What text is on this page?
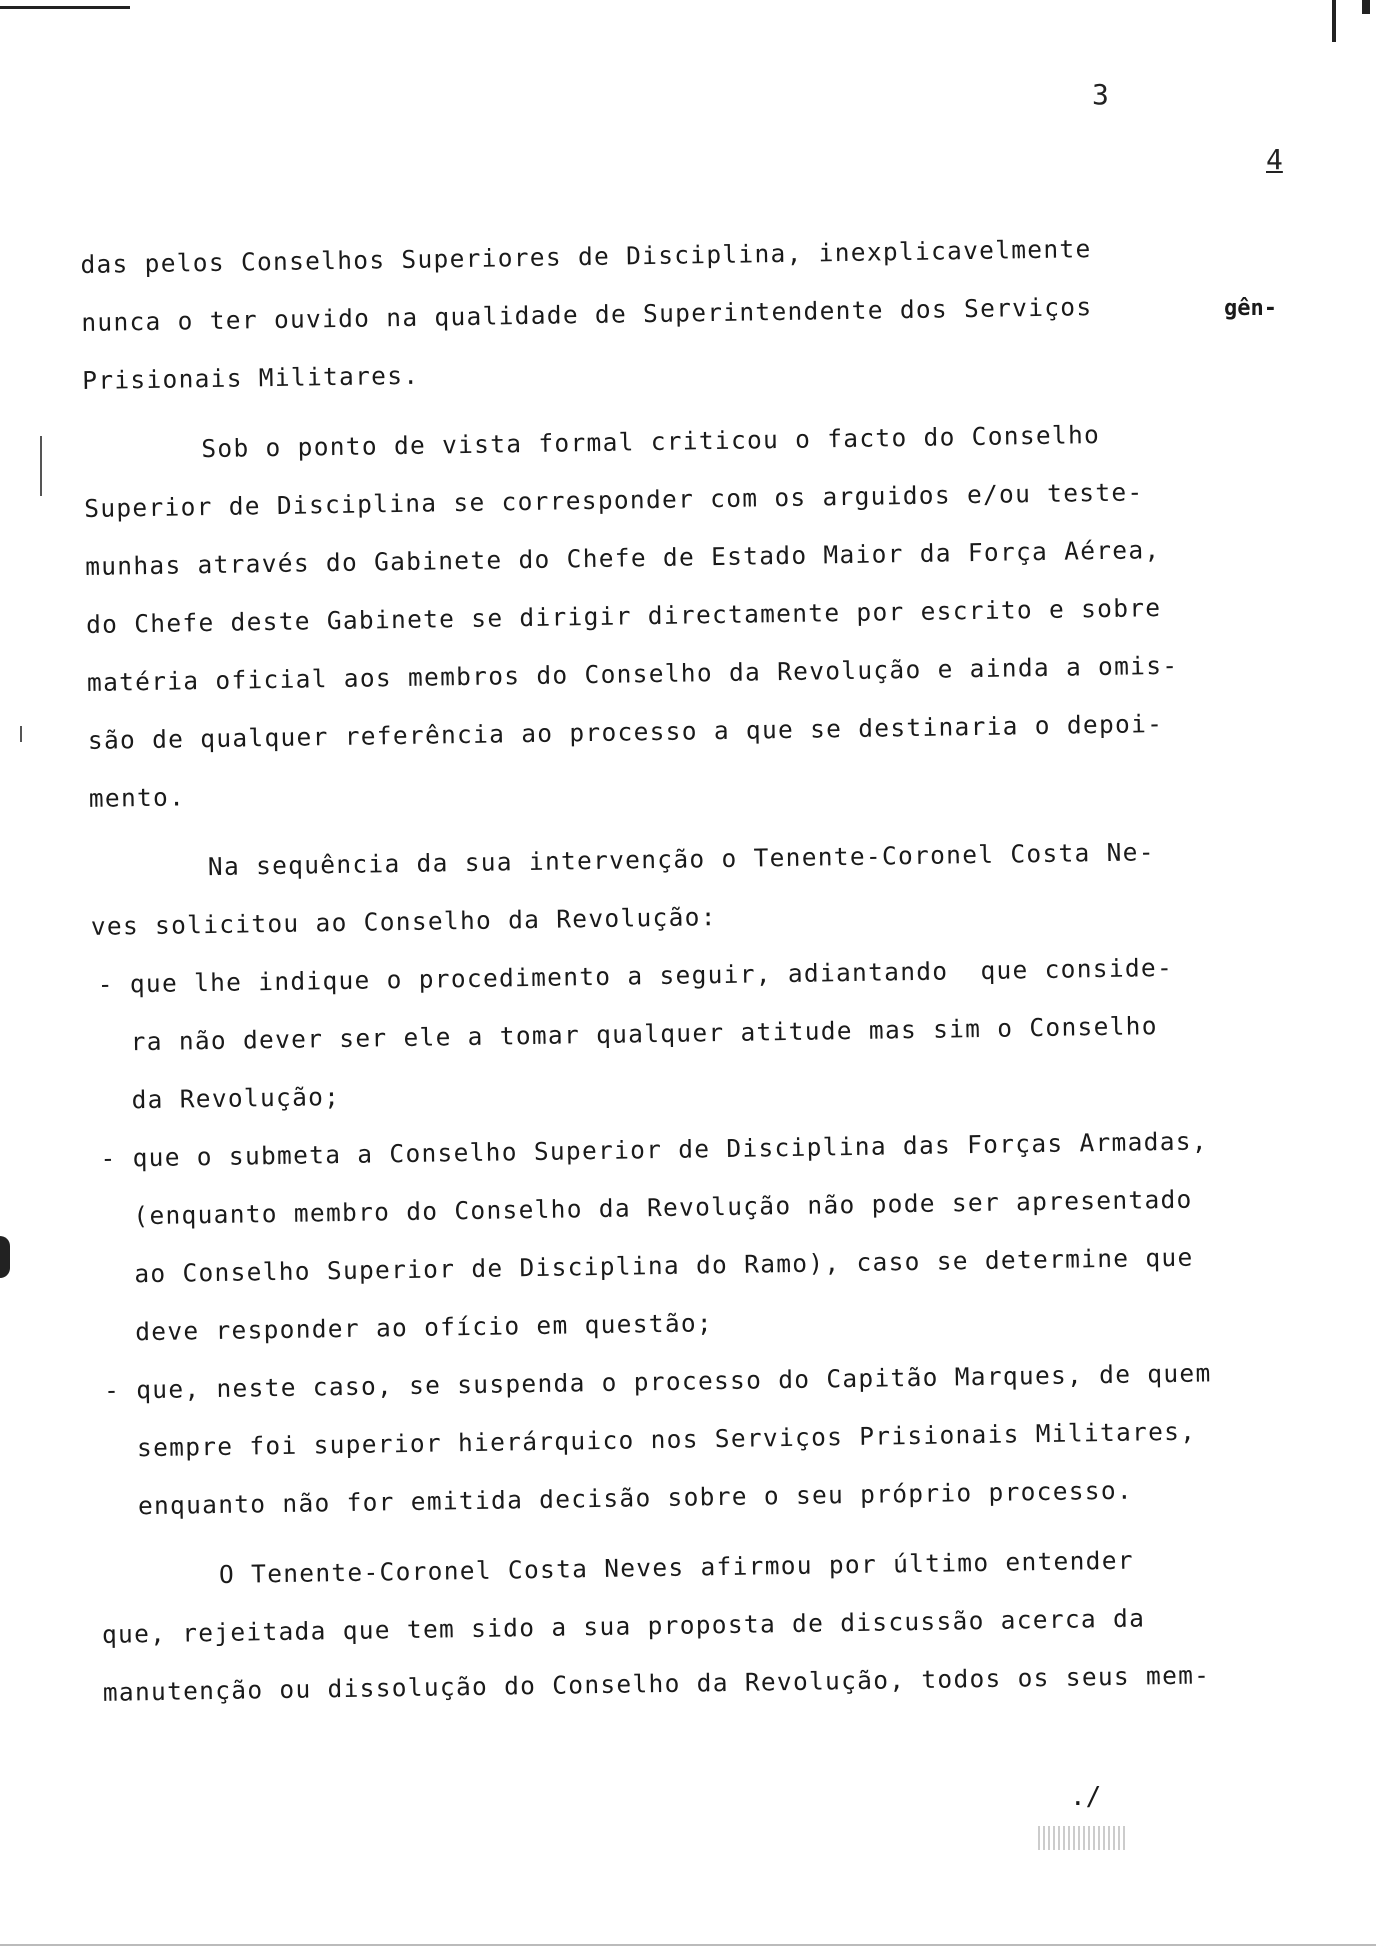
3
4
gên-
das pelos Conselhos Superiores de Disciplina, inexplicavelmente
nunca o ter ouvido na qualidade de Superintendente dos Serviços
Prisionais Militares.
Sob o ponto de vista formal criticou o facto do Conselho
Superior de Disciplina se corresponder com os arguidos e/ou teste-
munhas através do Gabinete do Chefe de Estado Maior da Força Aérea,
do Chefe deste Gabinete se dirigir directamente por escrito e sobre
matéria oficial aos membros do Conselho da Revolução e ainda a omis-
são de qualquer referência ao processo a que se destinaria o depoi-
mento.
Na sequência da sua intervenção o Tenente-Coronel Costa Ne-
ves solicitou ao Conselho da Revolução:
- que lhe indique o procedimento a seguir, adiantando  que conside-
ra não dever ser ele a tomar qualquer atitude mas sim o Conselho
da Revolução;
- que o submeta a Conselho Superior de Disciplina das Forças Armadas,
(enquanto membro do Conselho da Revolução não pode ser apresentado
ao Conselho Superior de Disciplina do Ramo), caso se determine que
deve responder ao ofício em questão;
- que, neste caso, se suspenda o processo do Capitão Marques, de quem
sempre foi superior hierárquico nos Serviços Prisionais Militares,
enquanto não for emitida decisão sobre o seu próprio processo.
O Tenente-Coronel Costa Neves afirmou por último entender
que, rejeitada que tem sido a sua proposta de discussão acerca da
manutenção ou dissolução do Conselho da Revolução, todos os seus mem-
./
